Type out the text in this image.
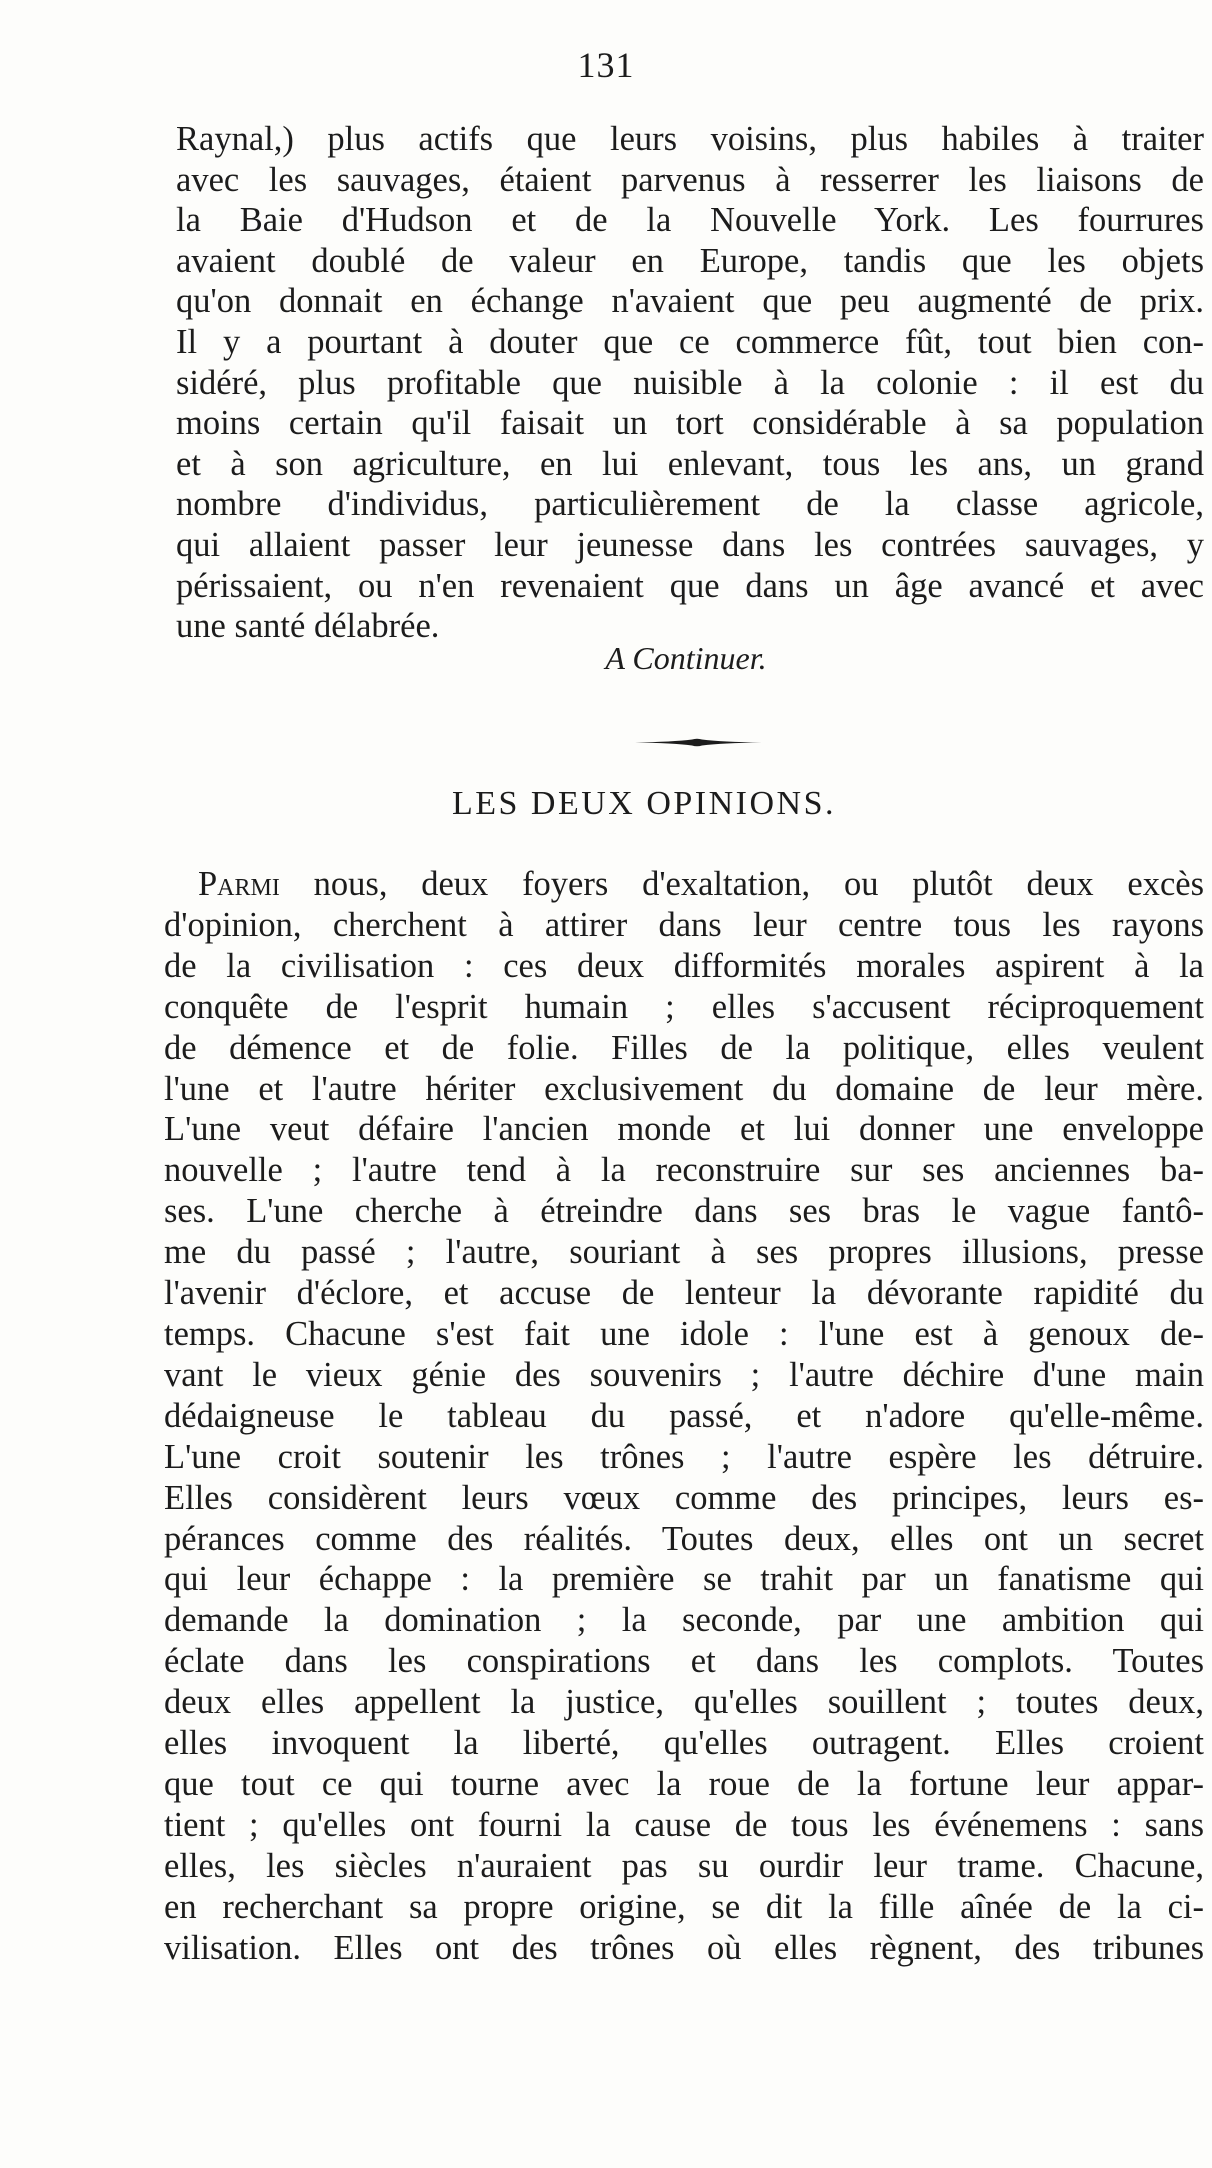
131
Raynal,) plus actifs que leurs voisins, plus habiles à traiter
avec les sauvages, étaient parvenus à resserrer les liaisons de
la Baie d'Hudson et de la Nouvelle York. Les fourrures
avaient doublé de valeur en Europe, tandis que les objets
qu'on donnait en échange n'avaient que peu augmenté de prix.
Il y a pourtant à douter que ce commerce fût, tout bien con-
sidéré, plus profitable que nuisible à la colonie : il est du
moins certain qu'il faisait un tort considérable à sa population
et à son agriculture, en lui enlevant, tous les ans, un grand
nombre d'individus, particulièrement de la classe agricole,
qui allaient passer leur jeunesse dans les contrées sauvages, y
périssaient, ou n'en revenaient que dans un âge avancé et avec
une santé délabrée.
A Continuer.
LES DEUX OPINIONS.
Parmi nous, deux foyers d'exaltation, ou plutôt deux excès
d'opinion, cherchent à attirer dans leur centre tous les rayons
de la civilisation : ces deux difformités morales aspirent à la
conquête de l'esprit humain ; elles s'accusent réciproquement
de démence et de folie. Filles de la politique, elles veulent
l'une et l'autre hériter exclusivement du domaine de leur mère.
L'une veut défaire l'ancien monde et lui donner une enveloppe
nouvelle ; l'autre tend à la reconstruire sur ses anciennes ba-
ses. L'une cherche à étreindre dans ses bras le vague fantô-
me du passé ; l'autre, souriant à ses propres illusions, presse
l'avenir d'éclore, et accuse de lenteur la dévorante rapidité du
temps. Chacune s'est fait une idole : l'une est à genoux de-
vant le vieux génie des souvenirs ; l'autre déchire d'une main
dédaigneuse le tableau du passé, et n'adore qu'elle-même.
L'une croit soutenir les trônes ; l'autre espère les détruire.
Elles considèrent leurs vœux comme des principes, leurs es-
pérances comme des réalités. Toutes deux, elles ont un secret
qui leur échappe : la première se trahit par un fanatisme qui
demande la domination ; la seconde, par une ambition qui
éclate dans les conspirations et dans les complots. Toutes
deux elles appellent la justice, qu'elles souillent ; toutes deux,
elles invoquent la liberté, qu'elles outragent. Elles croient
que tout ce qui tourne avec la roue de la fortune leur appar-
tient ; qu'elles ont fourni la cause de tous les événemens : sans
elles, les siècles n'auraient pas su ourdir leur trame. Chacune,
en recherchant sa propre origine, se dit la fille aînée de la ci-
vilisation. Elles ont des trônes où elles règnent, des tribunes
